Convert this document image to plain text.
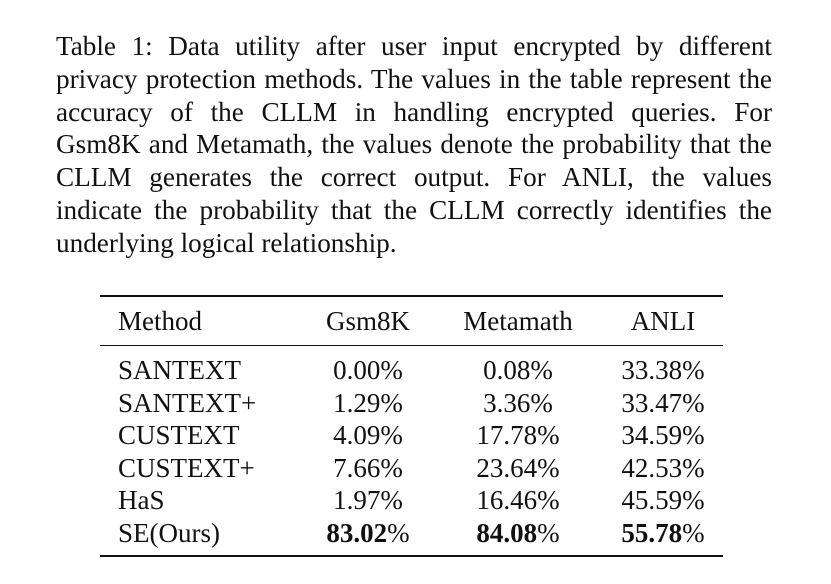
Table 1: Data utility after user input encrypted by different privacy protection methods. The values in the table represent the accuracy of the CLLM in handling encrypted queries. For Gsm8K and Metamath, the values denote the probability that the CLLM generates the correct output. For ANLI, the values indicate the probability that the CLLM correctly identifies the underlying logical relationship.
Method	Gsm8K	Metamath	ANLI
SANTEXT	0.00%	0.08%	33.38%
SANTEXT+	1.29%	3.36%	33.47%
CUSTEXT	4.09%	17.78%	34.59%
CUSTEXT+	7.66%	23.64%	42.53%
HaS	1.97%	16.46%	45.59%
SE(Ours)	83.02%	84.08%	55.78%
